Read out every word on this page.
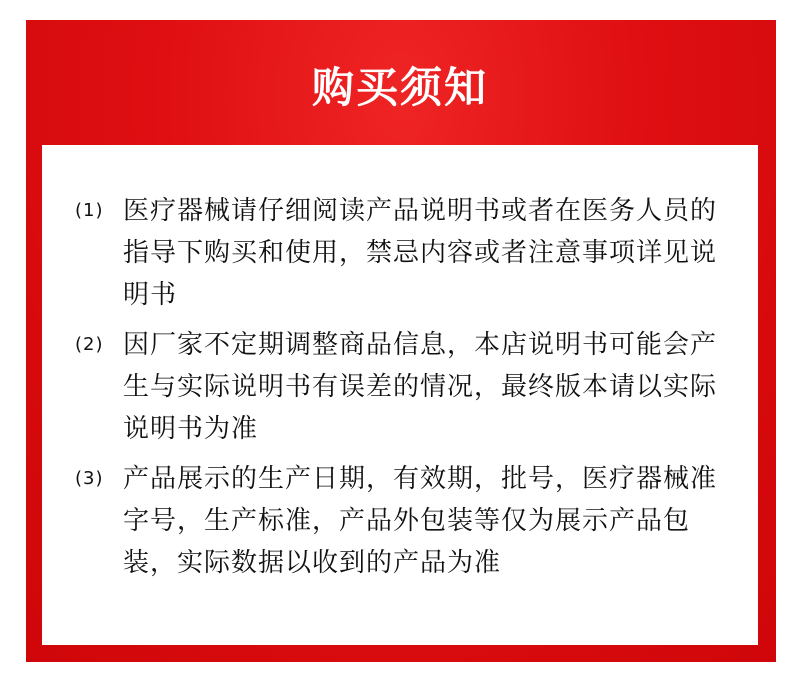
购买须知
(1) 医疗器械请仔细阅读产品说明书或者在医务人员的指导下购买和使用，禁忌内容或者注意事项详见说明书
(2) 因厂家不定期调整商品信息，本店说明书可能会产生与实际说明书有误差的情况，最终版本请以实际说明书为准
(3) 产品展示的生产日期，有效期，批号，医疗器械准字号，生产标准，产品外包装等仅为展示产品包装，实际数据以收到的产品为准
